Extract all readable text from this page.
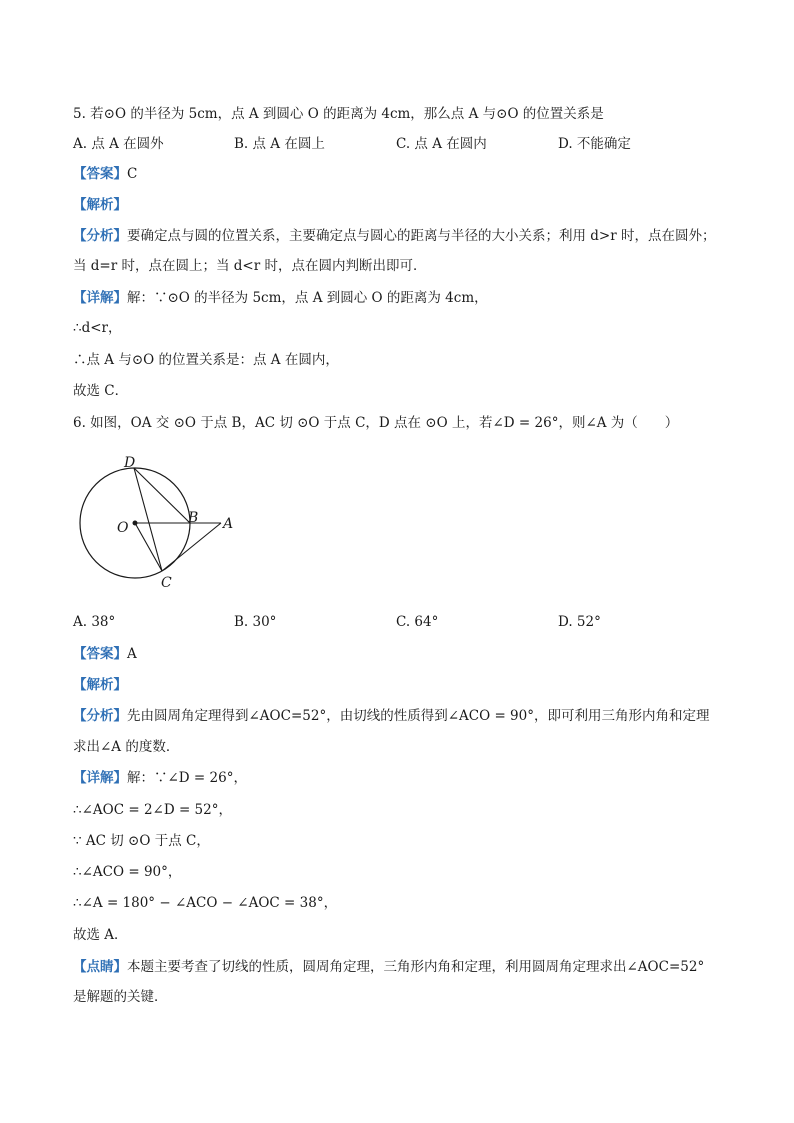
5. 若⊙O 的半径为 5cm，点 A 到圆心 O 的距离为 4cm，那么点 A 与⊙O 的位置关系是
A. 点 A 在圆外	B. 点 A 在圆上	C. 点 A 在圆内	D. 不能确定
【答案】C
【解析】
【分析】要确定点与圆的位置关系，主要确定点与圆心的距离与半径的大小关系；利用 d>r 时，点在圆外；
当 d=r 时，点在圆上；当 d<r 时，点在圆内判断出即可．
【详解】解：∵⊙O 的半径为 5cm，点 A 到圆心 O 的距离为 4cm，
∴d<r，
∴点 A 与⊙O 的位置关系是：点 A 在圆内，
故选 C．
6. 如图，OA 交 ⊙O 于点 B，AC 切 ⊙O 于点 C，D 点在 ⊙O 上，若∠D = 26°，则∠A 为（　　）
D
O
B A
C
A. 38°	B. 30°	C. 64°	D. 52°
【答案】A
【解析】
【分析】先由圆周角定理得到∠AOC=52°，由切线的性质得到∠ACO = 90°，即可利用三角形内角和定理
求出∠A 的度数．
【详解】解：∵∠D = 26°，
∴∠AOC = 2∠D = 52°，
∵ AC 切 ⊙O 于点 C，
∴∠ACO = 90°，
∴∠A = 180° − ∠ACO − ∠AOC = 38°，
故选 A．
【点睛】本题主要考查了切线的性质，圆周角定理，三角形内角和定理，利用圆周角定理求出∠AOC=52°
是解题的关键．
